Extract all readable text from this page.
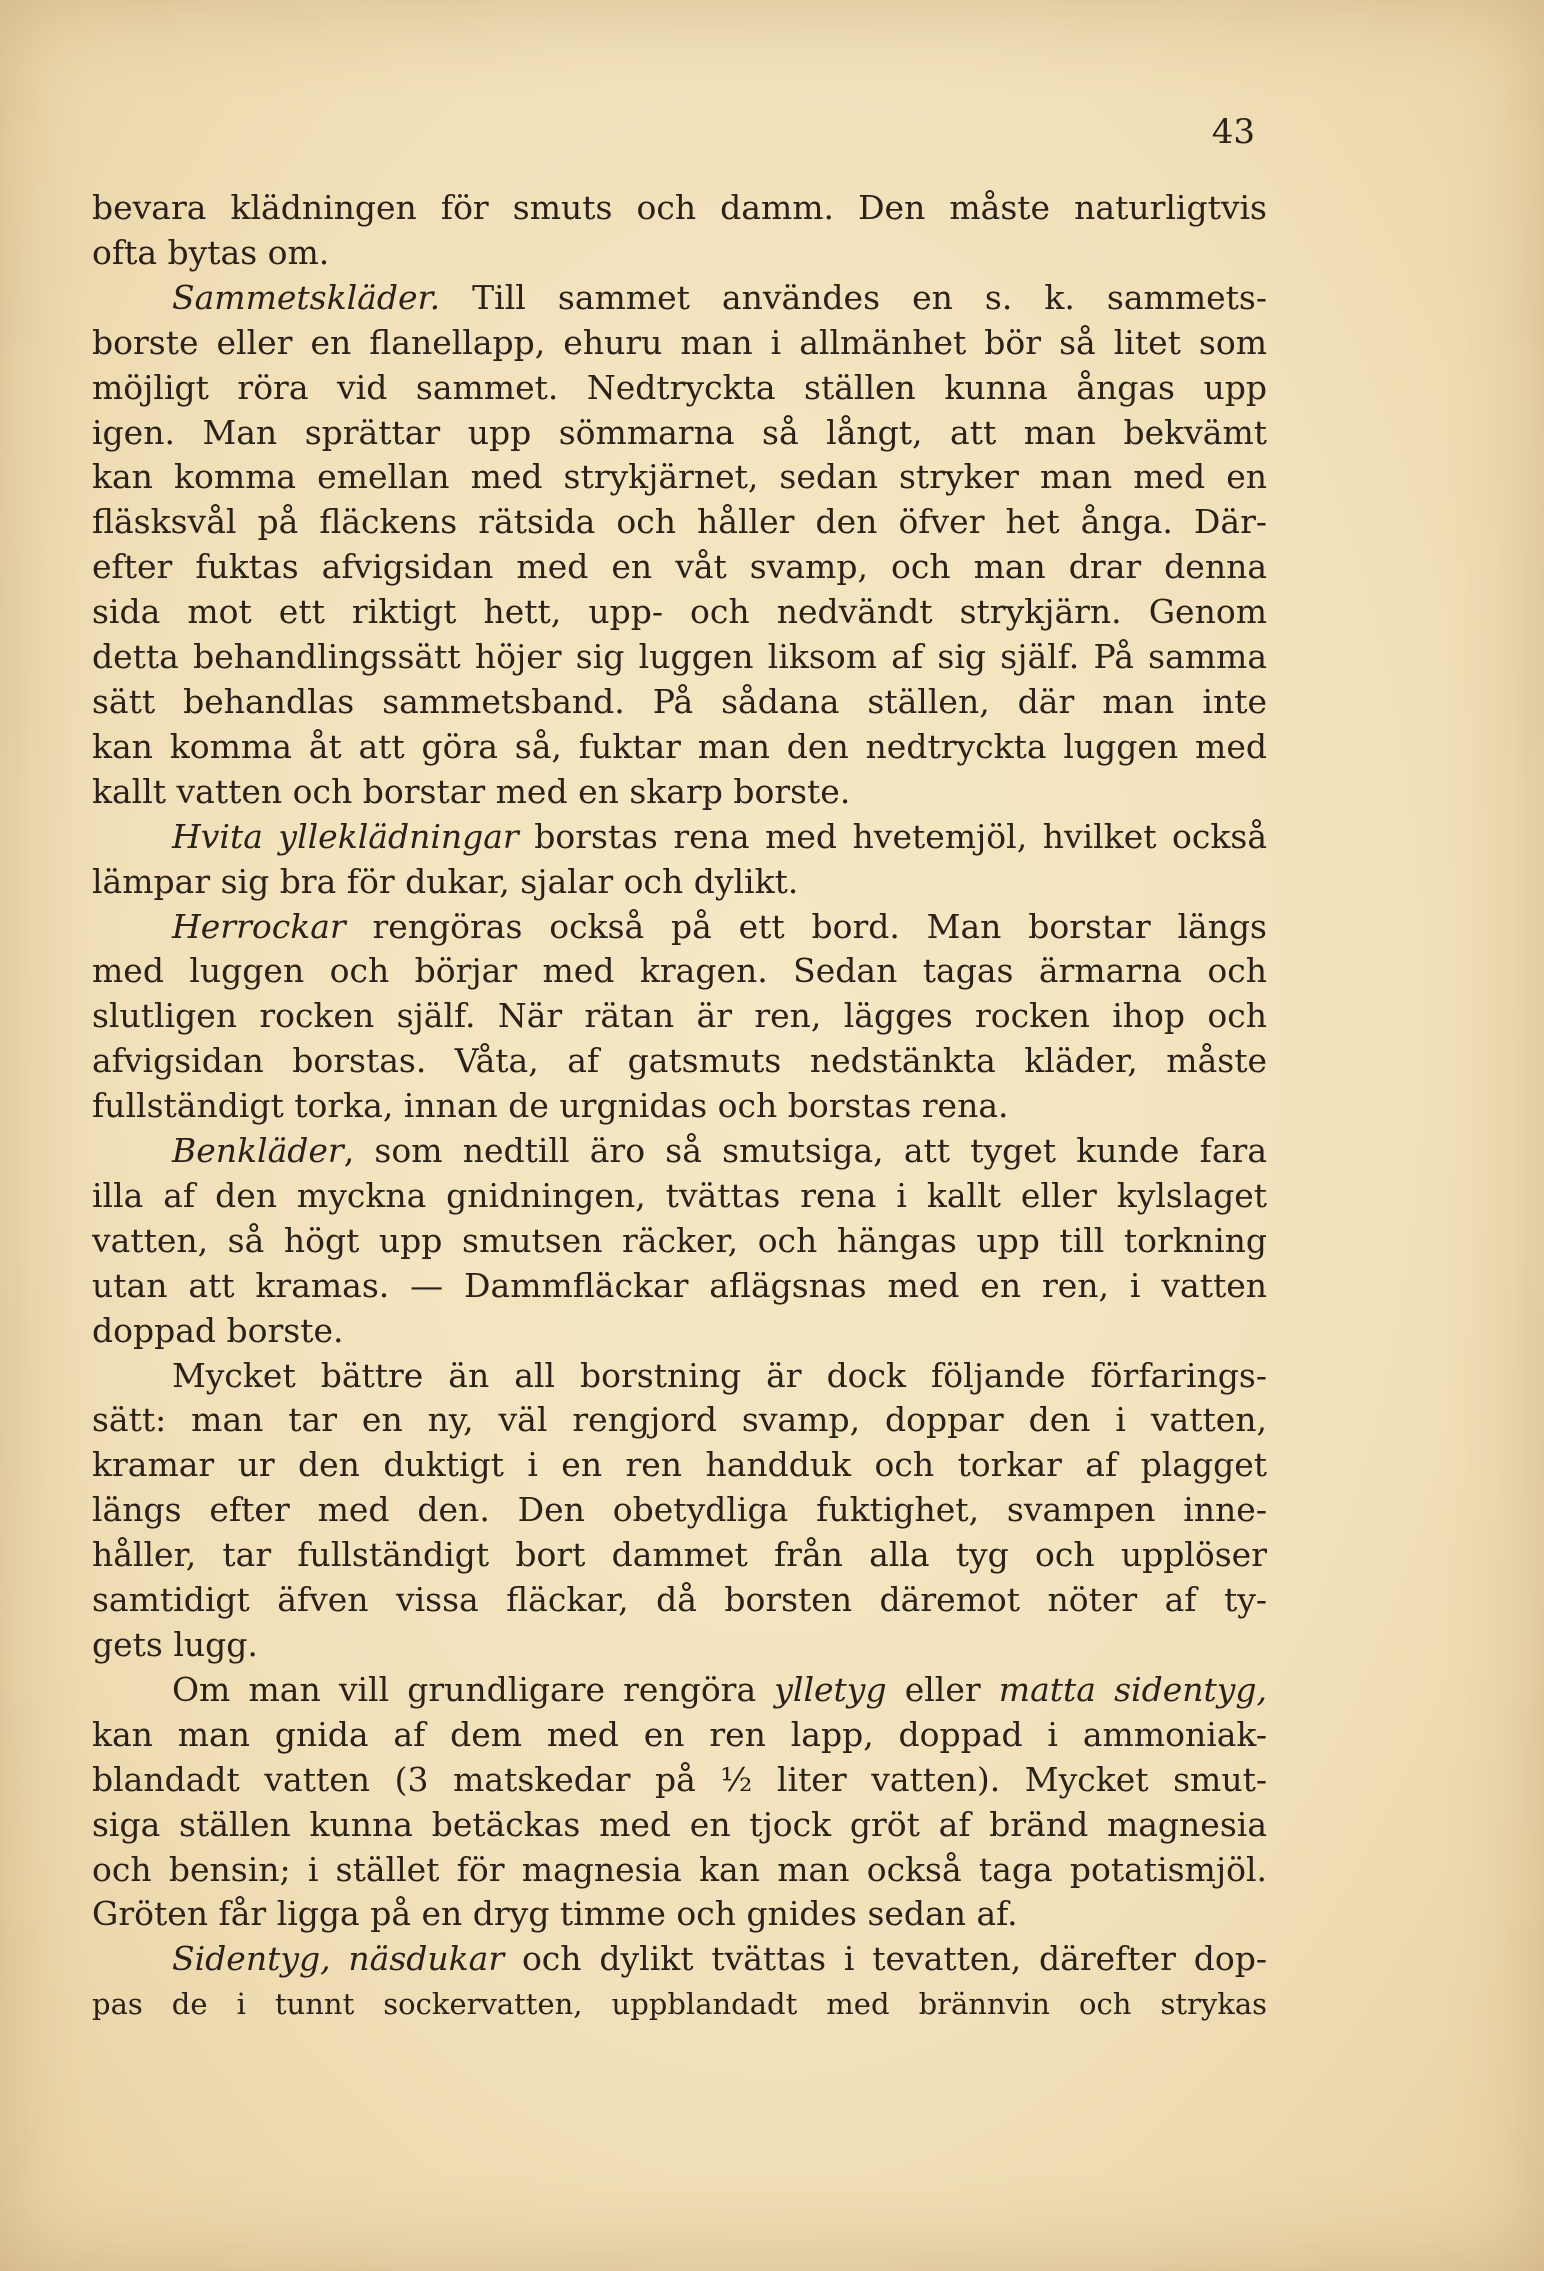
43
bevara klädningen för smuts och damm. Den måste naturligtvis
ofta bytas om.
Sammetskläder. Till sammet användes en s. k. sammets-
borste eller en flanellapp, ehuru man i allmänhet bör så litet som
möjligt röra vid sammet. Nedtryckta ställen kunna ångas upp
igen. Man sprättar upp sömmarna så långt, att man bekvämt
kan komma emellan med strykjärnet, sedan stryker man med en
fläsksvål på fläckens rätsida och håller den öfver het ånga. Där-
efter fuktas afvigsidan med en våt svamp, och man drar denna
sida mot ett riktigt hett, upp- och nedvändt strykjärn. Genom
detta behandlingssätt höjer sig luggen liksom af sig själf. På samma
sätt behandlas sammetsband. På sådana ställen, där man inte
kan komma åt att göra så, fuktar man den nedtryckta luggen med
kallt vatten och borstar med en skarp borste.
Hvita ylleklädningar borstas rena med hvetemjöl, hvilket också
lämpar sig bra för dukar, sjalar och dylikt.
Herrockar rengöras också på ett bord. Man borstar längs
med luggen och börjar med kragen. Sedan tagas ärmarna och
slutligen rocken själf. När rätan är ren, lägges rocken ihop och
afvigsidan borstas. Våta, af gatsmuts nedstänkta kläder, måste
fullständigt torka, innan de urgnidas och borstas rena.
Benkläder, som nedtill äro så smutsiga, att tyget kunde fara
illa af den myckna gnidningen, tvättas rena i kallt eller kylslaget
vatten, så högt upp smutsen räcker, och hängas upp till torkning
utan att kramas. — Dammfläckar aflägsnas med en ren, i vatten
doppad borste.
Mycket bättre än all borstning är dock följande förfarings-
sätt: man tar en ny, väl rengjord svamp, doppar den i vatten,
kramar ur den duktigt i en ren handduk och torkar af plagget
längs efter med den. Den obetydliga fuktighet, svampen inne-
håller, tar fullständigt bort dammet från alla tyg och upplöser
samtidigt äfven vissa fläckar, då borsten däremot nöter af ty-
gets lugg.
Om man vill grundligare rengöra ylletyg eller matta sidentyg,
kan man gnida af dem med en ren lapp, doppad i ammoniak-
blandadt vatten (3 matskedar på ½ liter vatten). Mycket smut-
siga ställen kunna betäckas med en tjock gröt af bränd magnesia
och bensin; i stället för magnesia kan man också taga potatismjöl.
Gröten får ligga på en dryg timme och gnides sedan af.
Sidentyg, näsdukar och dylikt tvättas i tevatten, därefter dop-
pas de i tunnt sockervatten, uppblandadt med brännvin och strykas
